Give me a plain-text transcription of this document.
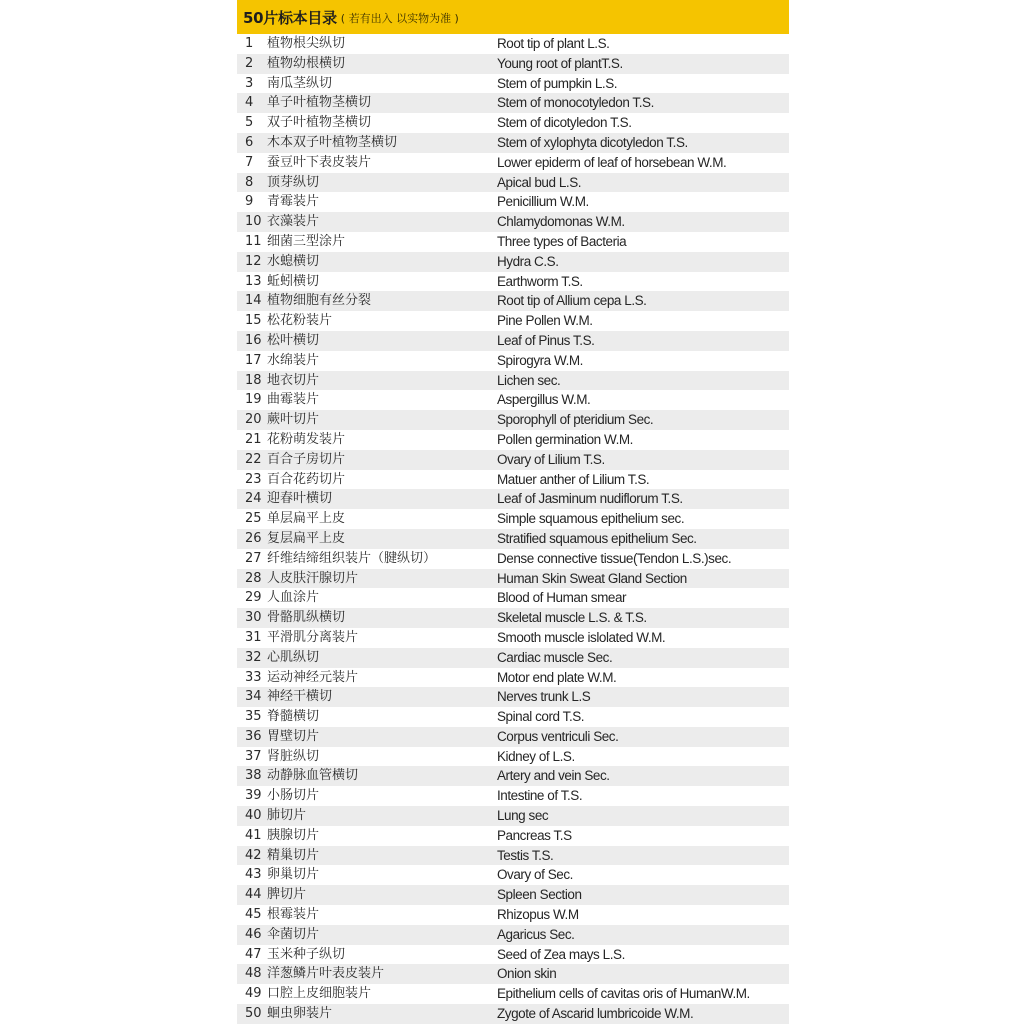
50片标本目录 ( 若有出入 以实物为准 )
1	植物根尖纵切	Root tip of plant L.S.
2	植物幼根横切	Young root of plantT.S.
3	南瓜茎纵切	Stem of pumpkin L.S.
4	单子叶植物茎横切	Stem of monocotyledon T.S.
5	双子叶植物茎横切	Stem of dicotyledon T.S.
6	木本双子叶植物茎横切	Stem of xylophyta dicotyledon T.S.
7	蚕豆叶下表皮装片	Lower epiderm of leaf of horsebean W.M.
8	顶芽纵切	Apical bud L.S.
9	青霉装片	Penicillium W.M.
10 衣藻装片	Chlamydomonas W.M.
11 细菌三型涂片	Three types of Bacteria
12 水螅横切	Hydra C.S.
13 蚯蚓横切	Earthworm T.S.
14 植物细胞有丝分裂	Root tip of Allium cepa L.S.
15 松花粉装片	Pine Pollen W.M.
16 松叶横切	Leaf of Pinus T.S.
17 水绵装片	Spirogyra W.M.
18 地衣切片	Lichen sec.
19 曲霉装片	Aspergillus W.M.
20 蕨叶切片	Sporophyll of pteridium Sec.
21 花粉萌发装片	Pollen germination W.M.
22 百合子房切片	Ovary of Lilium T.S.
23 百合花药切片	Matuer anther of Lilium T.S.
24 迎春叶横切	Leaf of Jasminum nudiflorum T.S.
25 单层扁平上皮	Simple squamous epithelium sec.
26 复层扁平上皮	Stratified squamous epithelium Sec.
27 纤维结缔组织装片（腱纵切）	Dense connective tissue(Tendon L.S.)sec.
28 人皮肤汗腺切片	Human Skin Sweat Gland Section
29 人血涂片	Blood of Human smear
30 骨骼肌纵横切	Skeletal muscle L.S. & T.S.
31 平滑肌分离装片	Smooth muscle islolated W.M.
32 心肌纵切	Cardiac muscle Sec.
33 运动神经元装片	Motor end plate W.M.
34 神经干横切	Nerves trunk L.S
35 脊髓横切	Spinal cord T.S.
36 胃壁切片	Corpus ventriculi Sec.
37 肾脏纵切	Kidney of L.S.
38 动静脉血管横切	Artery and vein Sec.
39 小肠切片	Intestine of T.S.
40 肺切片	Lung sec
41 胰腺切片	Pancreas T.S
42 精巢切片	Testis T.S.
43 卵巢切片	Ovary of Sec.
44 脾切片	Spleen Section
45 根霉装片	Rhizopus W.M
46 伞菌切片	Agaricus Sec.
47 玉米种子纵切	Seed of Zea mays L.S.
48 洋葱鳞片叶表皮装片	Onion skin
49 口腔上皮细胞装片	Epithelium cells of cavitas oris of HumanW.M.
50 蛔虫卵装片	Zygote of Ascarid lumbricoide W.M.
